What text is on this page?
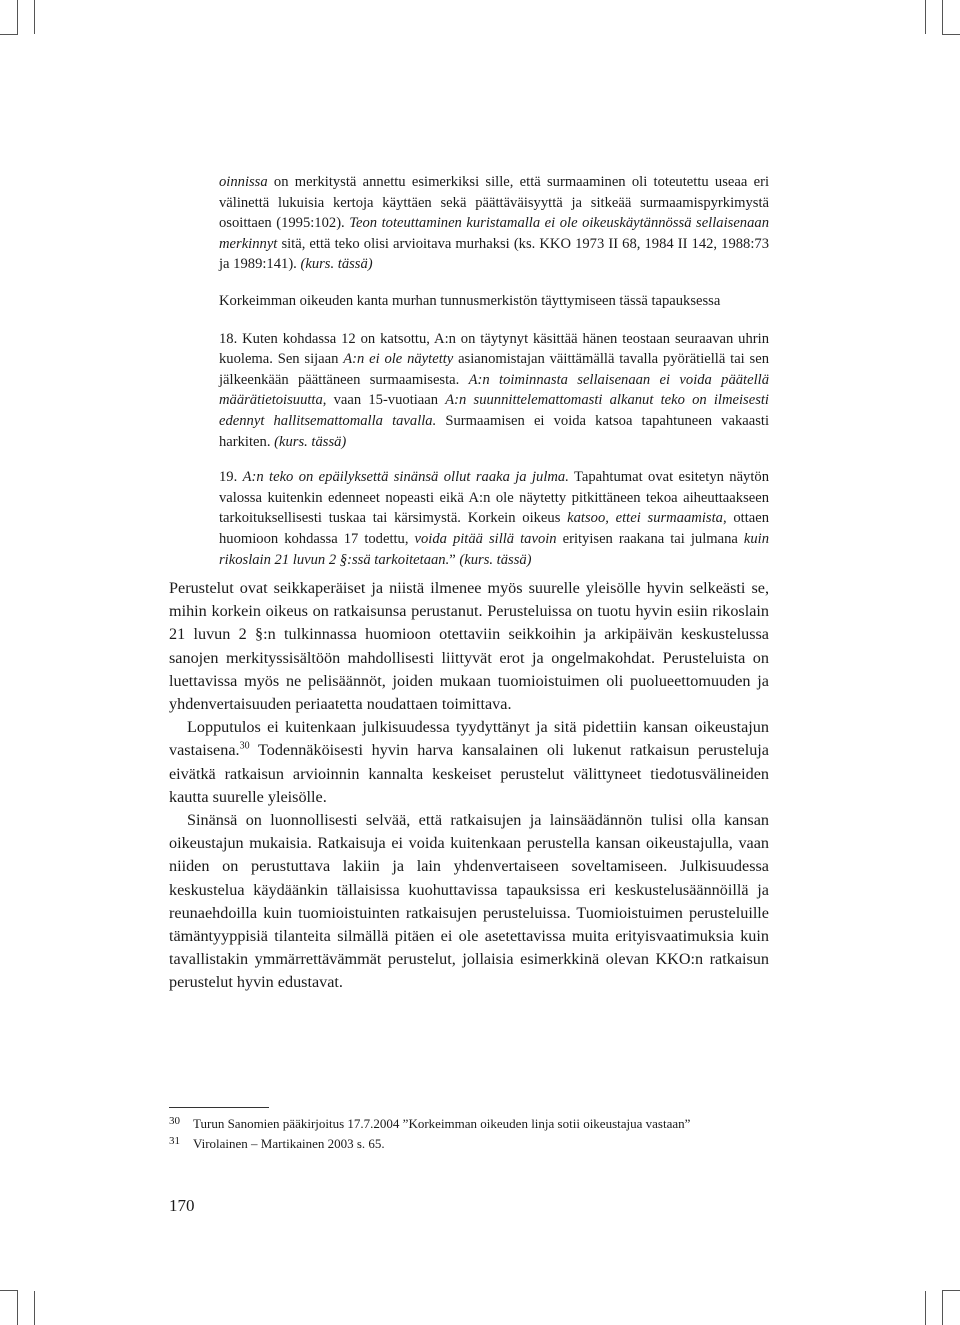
oinnissa on merkitystä annettu esimerkiksi sille, että surmaaminen oli toteutettu useaa eri välinettä lukuisia kertoja käyttäen sekä päättäväisyyttä ja sitkeää surmaamispyrkimystä osoittaen (1995:102). Teon toteuttaminen kuristamalla ei ole oikeuskäytännössä sellaisenaan merkinnyt sitä, että teko olisi arvioitava murhaksi (ks. KKO 1973 II 68, 1984 II 142, 1988:73 ja 1989:141). (kurs. tässä)

Korkeimman oikeuden kanta murhan tunnusmerkistön täyttymiseen tässä tapauksessa

18. Kuten kohdassa 12 on katsottu, A:n on täytynyt käsittää hänen teostaan seuraavan uhrin kuolema. Sen sijaan A:n ei ole näytetty asianomistajan väittämällä tavalla pyörätiellä tai sen jälkeenkään päättäneen surmaamisesta. A:n toiminnasta sellaisenaan ei voida päätellä määrätietoisuutta, vaan 15-vuotiaan A:n suunnittelemattomasti alkanut teko on ilmeisesti edennyt hallitsemattomalla tavalla. Surmaamisen ei voida katsoa tapahtuneen vakaasti harkiten. (kurs. tässä)

19. A:n teko on epäilyksettä sinänsä ollut raaka ja julma. Tapahtumat ovat esitetyn näytön valossa kuitenkin edenneet nopeasti eikä A:n ole näytetty pitkittäneen tekoa aiheuttaakseen tarkoituksellisesti tuskaa tai kärsimystä. Korkein oikeus katsoo, ettei surmaamista, ottaen huomioon kohdassa 17 todettu, voida pitää sillä tavoin erityisen raakana tai julmana kuin rikoslain 21 luvun 2 §:ssä tarkoitetaan.” (kurs. tässä)

Perustelut ovat seikkaperäiset ja niistä ilmenee myös suurelle yleisölle hyvin selkeästi se, mihin korkein oikeus on ratkaisunsa perustanut. Perusteluissa on tuotu hyvin esiin rikoslain 21 luvun 2 §:n tulkinnassa huomioon otettaviin seikkoihin ja arkipäivän keskustelussa sanojen merkityssisältöön mahdollisesti liittyvät erot ja ongelmakohdat. Perusteluista on luettavissa myös ne pelisäännöt, joiden mukaan tuomioistuimen oli puolueettomuuden ja yhdenvertaisuuden periaatetta noudattaen toimittava.

Lopputulos ei kuitenkaan julkisuudessa tyydyttänyt ja sitä pidettiin kansan oikeustajun vastaisena.$^{30}$ Todennäköisesti hyvin harva kansalainen oli lukenut ratkaisun perusteluja eivätkä ratkaisun arvioinnin kannalta keskeiset perustelut välittyneet tiedotusvälineiden kautta suurelle yleisölle.

Sinänsä on luonnollisesti selvää, että ratkaisujen ja lainsäädännön tulisi olla kansan oikeustajun mukaisia. Ratkaisuja ei voida kuitenkaan perustella kansan oikeustajulla, vaan niiden on perustuttava lakiin ja lain yhdenvertaiseen soveltamiseen. Julkisuudessa keskustelua käydäänkin tällaisissa kuohuttavissa tapauksissa eri keskustelusäännöillä ja reunaehdoilla kuin tuomioistuinten ratkaisujen perusteluissa. Tuomioistuimen perusteluille tämäntyyppisiä tilanteita silmällä pitäen ei ole asetettavissa muita erityisvaatimuksia kuin tavallistakin ymmärrettävämmät perustelut, jollaisia esimerkkinä olevan KKO:n ratkaisun perustelut hyvin edustavat.

30	Turun Sanomien pääkirjoitus 17.7.2004 ”Korkeimman oikeuden linja sotii oikeustajua vastaan”
31	Virolainen – Martikainen 2003 s. 65.
170
